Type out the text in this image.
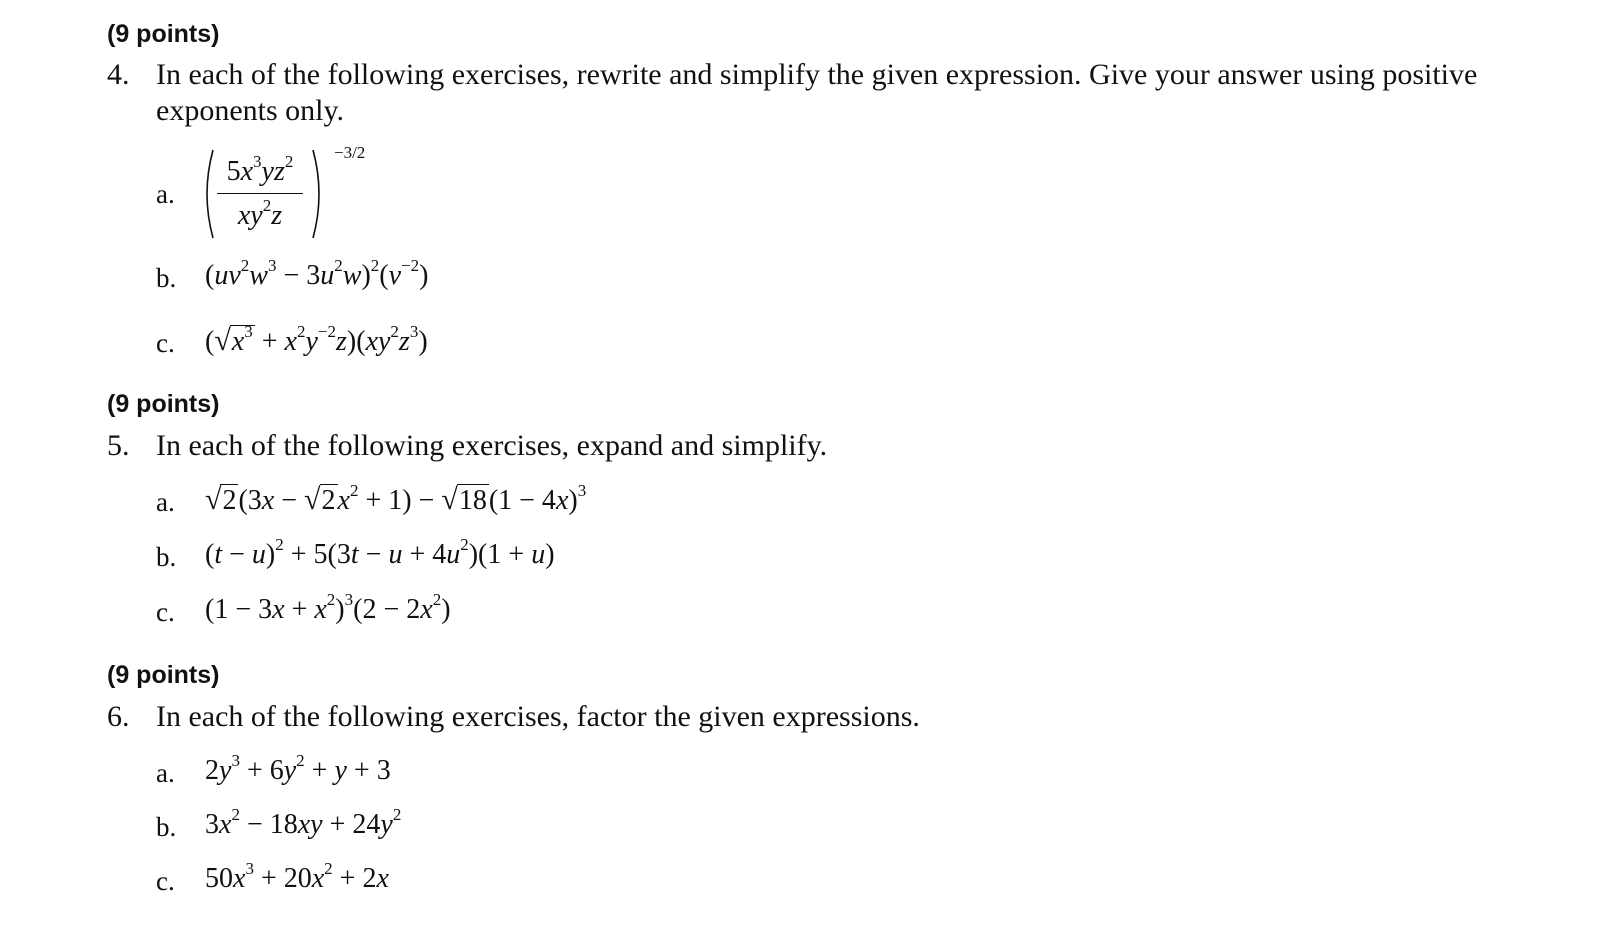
(9 points)
4. In each of the following exercises, rewrite and simplify the given expression. Give your answer using positive exponents only.
a.
$5x^3yz^2$
$xy^2z$
−3/2
b. $(uv^2w^3 - 3u^2w)^2(v^{-2})$
c. $(√x^3 + x^2y^{-2}z)(xy^2z^3)$
(9 points)
5. In each of the following exercises, expand and simplify.
a. $√2(3x - √2x^2 + 1) - √18(1 - 4x)^3$
b. $(t - u)^2 + 5(3t - u + 4u^2)(1 + u)$
c. $(1 - 3x + x^2)^3(2 - 2x^2)$
(9 points)
6. In each of the following exercises, factor the given expressions.
a. $2y^3 + 6y^2 + y + 3$
b. $3x^2 - 18xy + 24y^2$
c. $50x^3 + 20x^2 + 2x$
